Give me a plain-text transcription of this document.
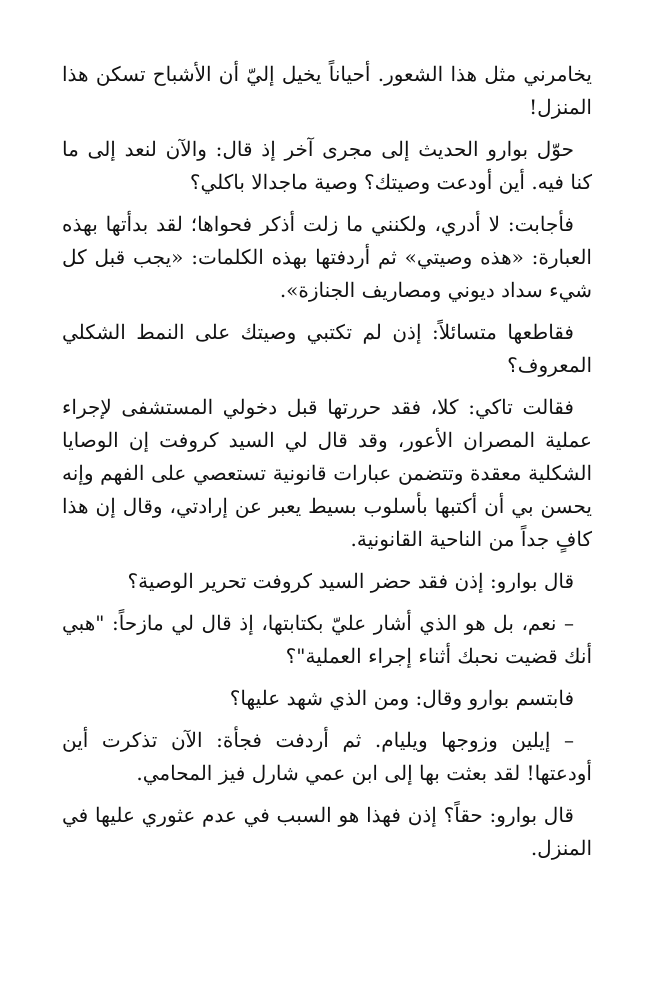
يخامرني مثل هذا الشعور. أحياناً يخيل إليّ أن الأشباح تسكن هذا المنزل!

حوّل بوارو الحديث إلى مجرى آخر إذ قال: والآن لنعد إلى ما كنا فيه. أين أودعت وصيتك؟ وصية ماجدالا باكلي؟

فأجابت: لا أدري، ولكنني ما زلت أذكر فحواها؛ لقد بدأتها بهذه العبارة: «هذه وصيتي» ثم أردفتها بهذه الكلمات: «يجب قبل كل شيء سداد ديوني ومصاريف الجنازة».

فقاطعها متسائلاً: إذن لم تكتبي وصيتك على النمط الشكلي المعروف؟

فقالت تاكي: كلا، فقد حررتها قبل دخولي المستشفى لإجراء عملية المصران الأعور، وقد قال لي السيد كروفت إن الوصايا الشكلية معقدة وتتضمن عبارات قانونية تستعصي على الفهم وإنه يحسن بي أن أكتبها بأسلوب بسيط يعبر عن إرادتي، وقال إن هذا كافٍ جداً من الناحية القانونية.

قال بوارو: إذن فقد حضر السيد كروفت تحرير الوصية؟

– نعم، بل هو الذي أشار عليّ بكتابتها، إذ قال لي مازحاً: "هبي أنك قضيت نحبك أثناء إجراء العملية"؟

فابتسم بوارو وقال: ومن الذي شهد عليها؟

– إيلين وزوجها ويليام. ثم أردفت فجأة: الآن تذكرت أين أودعتها! لقد بعثت بها إلى ابن عمي شارل فيز المحامي.

قال بوارو: حقاً؟ إذن فهذا هو السبب في عدم عثوري عليها في المنزل.
